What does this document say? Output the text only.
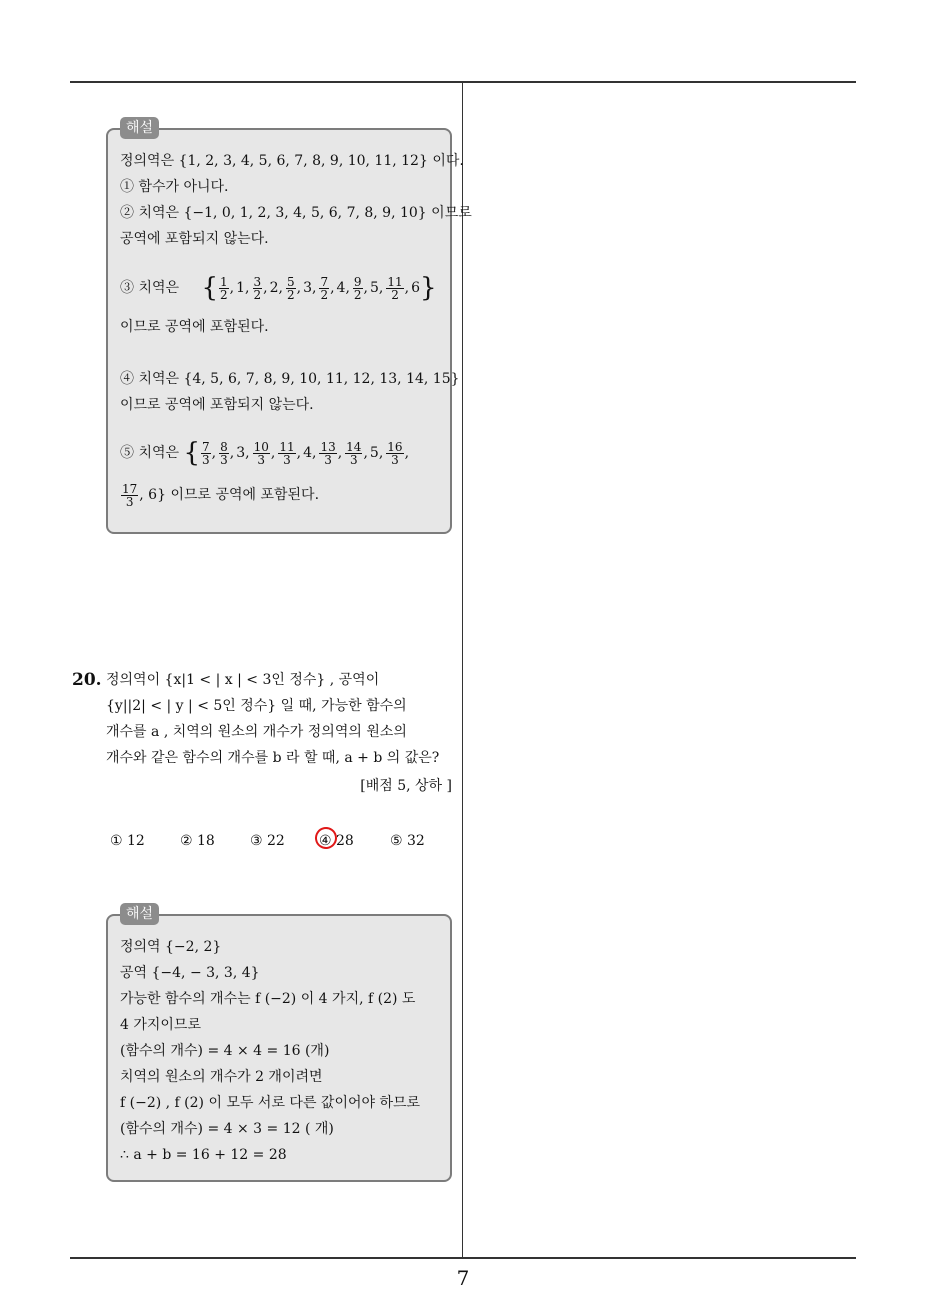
해설
정의역은 {1, 2, 3, 4, 5, 6, 7, 8, 9, 10, 11, 12} 이다.
① 함수가 아니다.
② 치역은 {−1, 0, 1, 2, 3, 4, 5, 6, 7, 8, 9, 10} 이므로
공역에 포함되지 않는다.
③ 치역은 { $\frac{1}{2}$ , 1, $\frac{3}{2}$ , 2, $\frac{5}{2}$ , 3, $\frac{7}{2}$ , 4, $\frac{9}{2}$ , 5, $\frac{11}{2}$ , 6}
이므로 공역에 포함된다.
④ 치역은 {4, 5, 6, 7, 8, 9, 10, 11, 12, 13, 14, 15}
이므로 공역에 포함되지 않는다.
⑤ 치역은 { $\frac{7}{3}$ , $\frac{8}{3}$ , 3, $\frac{10}{3}$ , $\frac{11}{3}$ , 4, $\frac{13}{3}$ , $\frac{14}{3}$ , 5, $\frac{16}{3}$ ,
$\frac{17}{3}$ , 6} 이므로 공역에 포함된다.
20. 정의역이 {x|1 < | x | < 3인 정수} , 공역이
{y||2| < | y | < 5인 정수} 일 때, 가능한 함수의
개수를 a , 치역의 원소의 개수가 정의역의 원소의
개수와 같은 함수의 개수를 b 라 할 때, a + b 의 값은?
[배점 5, 상하 ]
① 12	② 18	③ 22 ④ 28	⑤ 32
해설
정의역 {−2, 2}
공역 {−4, − 3, 3, 4}
가능한 함수의 개수는 f (−2) 이 4 가지, f (2) 도
4 가지이므로
(함수의 개수) = 4 × 4 = 16 (개)
치역의 원소의 개수가 2 개이려면
f (−2) , f (2) 이 모두 서로 다른 값이어야 하므로
(함수의 개수) = 4 × 3 = 12 ( 개)
∴ a + b = 16 + 12 = 28
7
